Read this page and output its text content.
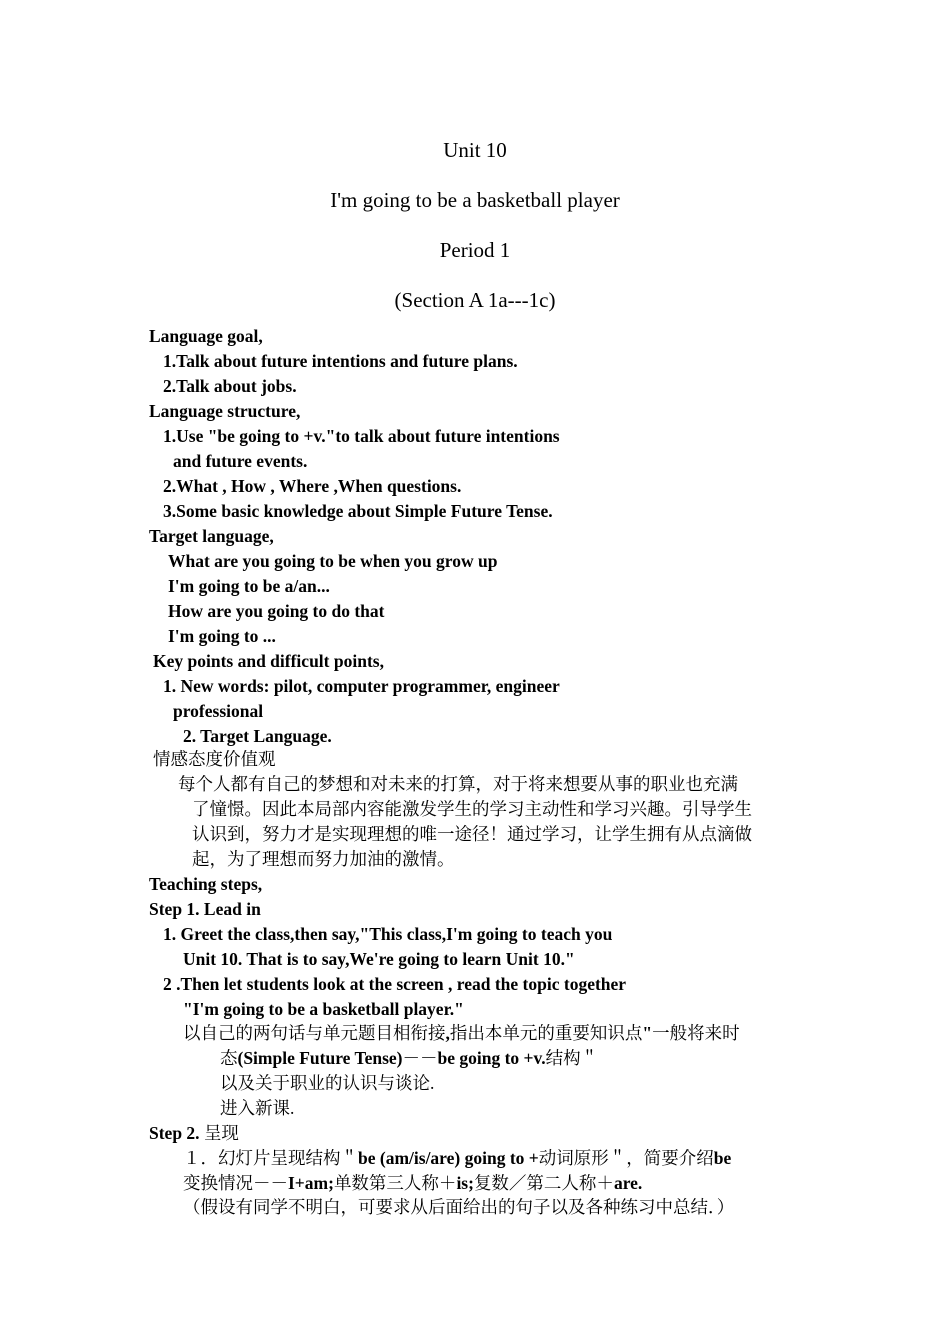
Unit 10
I'm going to be a basketball player
Period 1
(Section A 1a---1c)
Language goal,
1.Talk about future intentions and future plans.
2.Talk about jobs.
Language structure,
1.Use "be going to +v."to talk about future intentions
and future events.
2.What , How , Where ,When questions.
3.Some basic knowledge about Simple Future Tense.
Target language,
What are you going to be when you grow up
I'm going to be a/an...
How are you going to do that
I'm going to ...
Key points and difficult points,
1. New words: pilot, computer programmer, engineer
professional
2. Target Language.
情感态度价值观
每个人都有自己的梦想和对未来的打算，对于将来想要从事的职业也充满
了憧憬。因此本局部内容能激发学生的学习主动性和学习兴趣。引导学生
认识到，努力才是实现理想的唯一途径！通过学习，让学生拥有从点滴做
起，为了理想而努力加油的激情。
Teaching steps,
Step 1. Lead in
1. Greet the class,then say,"This class,I'm going to teach you
Unit 10. That is to say,We're going to learn Unit 10."
2 .Then let students look at the screen , read the topic together
"I'm going to be a basketball player."
以自己的两句话与单元题目相衔接,指出本单元的重要知识点"一般将来时
态(Simple Future Tense)－－be going to +v.结构＂
以及关于职业的认识与谈论.
进入新课.
Step 2. 呈现
１．幻灯片呈现结构＂be (am/is/are) going to +动词原形＂，简要介绍be
变换情况－－I+am;单数第三人称＋is;复数／第二人称＋are.
（假设有同学不明白，可要求从后面给出的句子以及各种练习中总结．）
